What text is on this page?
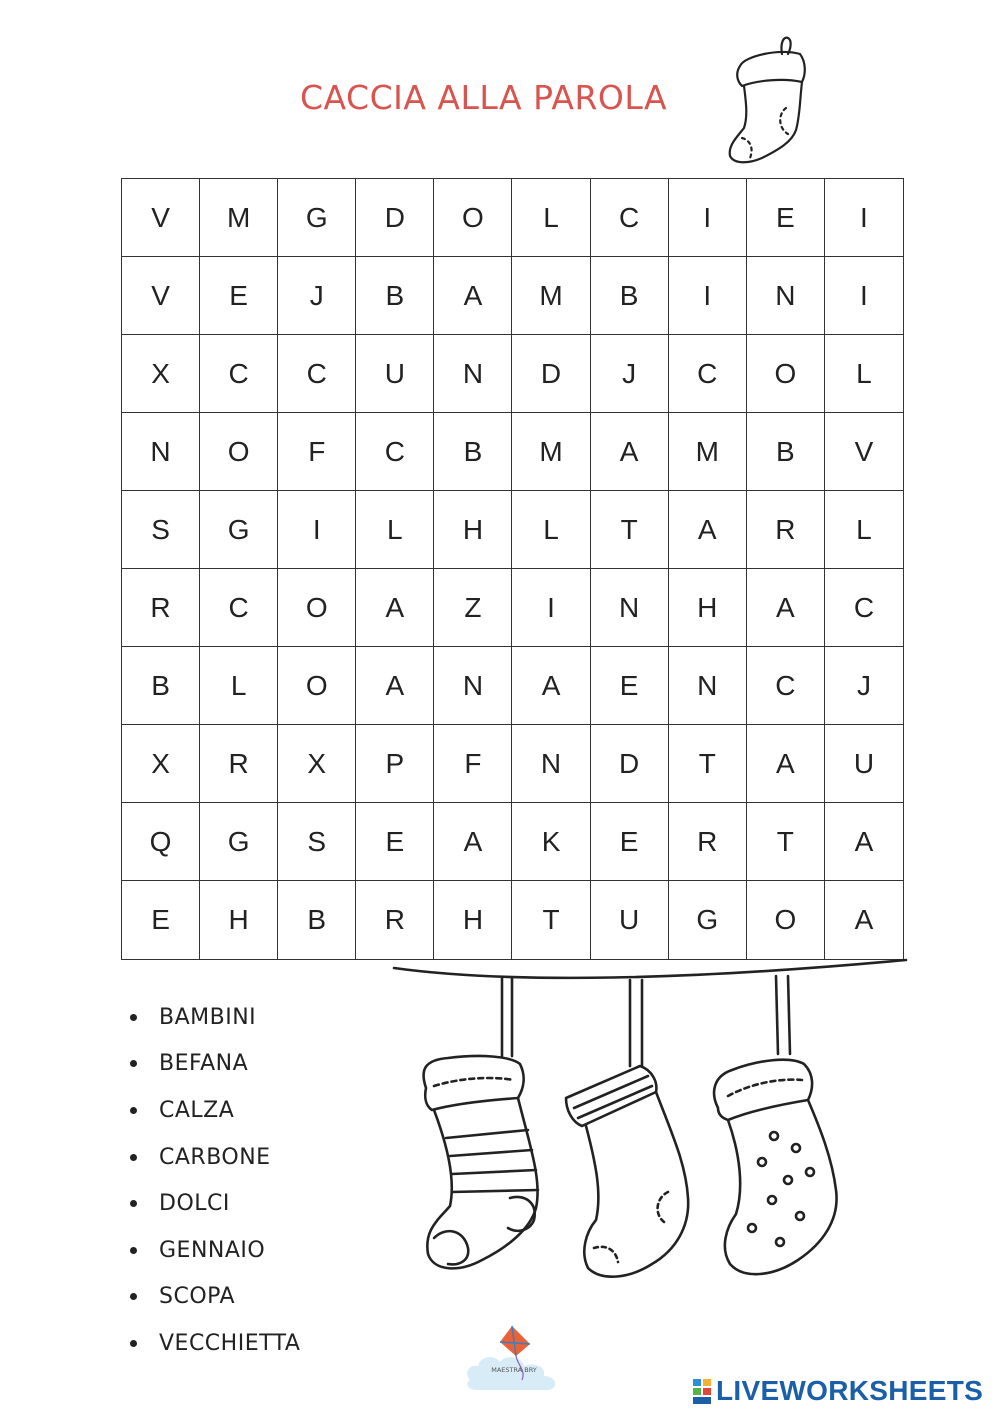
CACCIA ALLA PAROLA
V	M	G	D	O	L	C	I	E	I
V	E	J	B	A	M	B	I	N	I
X	C	C	U	N	D	J	C	O	L
N	O	F	C	B	M	A	M	B	V
S	G	I	L	H	L	T	A	R	L
R	C	O	A	Z	I	N	H	A	C
B	L	O	A	N	A	E	N	C	J
X	R	X	P	F	N	D	T	A	U
Q	G	S	E	A	K	E	R	T	A
E	H	B	R	H	T	U	G	O	A
BAMBINI
BEFANA
CALZA
CARBONE
DOLCI
GENNAIO
SCOPA
VECCHIETTA
MAESTRA BRY
LIVEWORKSHEETS
